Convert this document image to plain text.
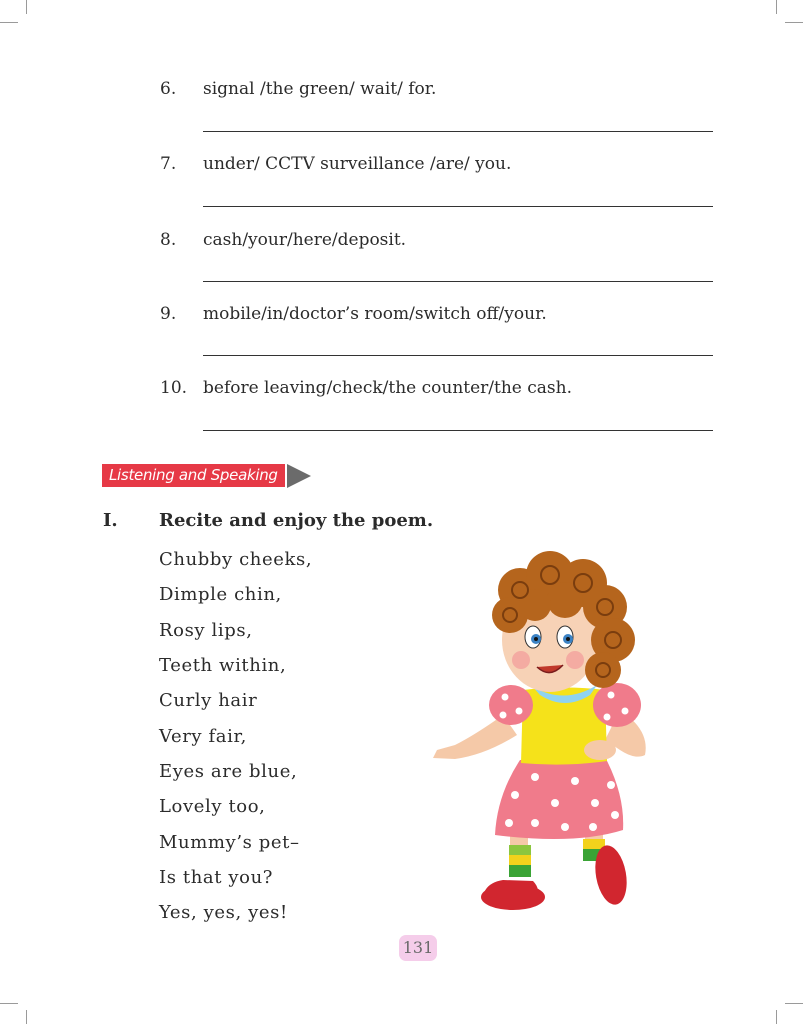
6. signal /the green/ wait/ for.
7. under/ CCTV surveillance /are/ you.
8. cash/your/here/deposit.
9. mobile/in/doctor’s room/switch off/your.
10. before leaving/check/the counter/the cash.
Listening and Speaking
I. Recite and enjoy the poem.
Chubby cheeks,
Dimple chin,
Rosy lips,
Teeth within,
Curly hair
Very fair,
Eyes are blue,
Lovely too,
Mummy’s pet–
Is that you?
Yes, yes, yes!
131
